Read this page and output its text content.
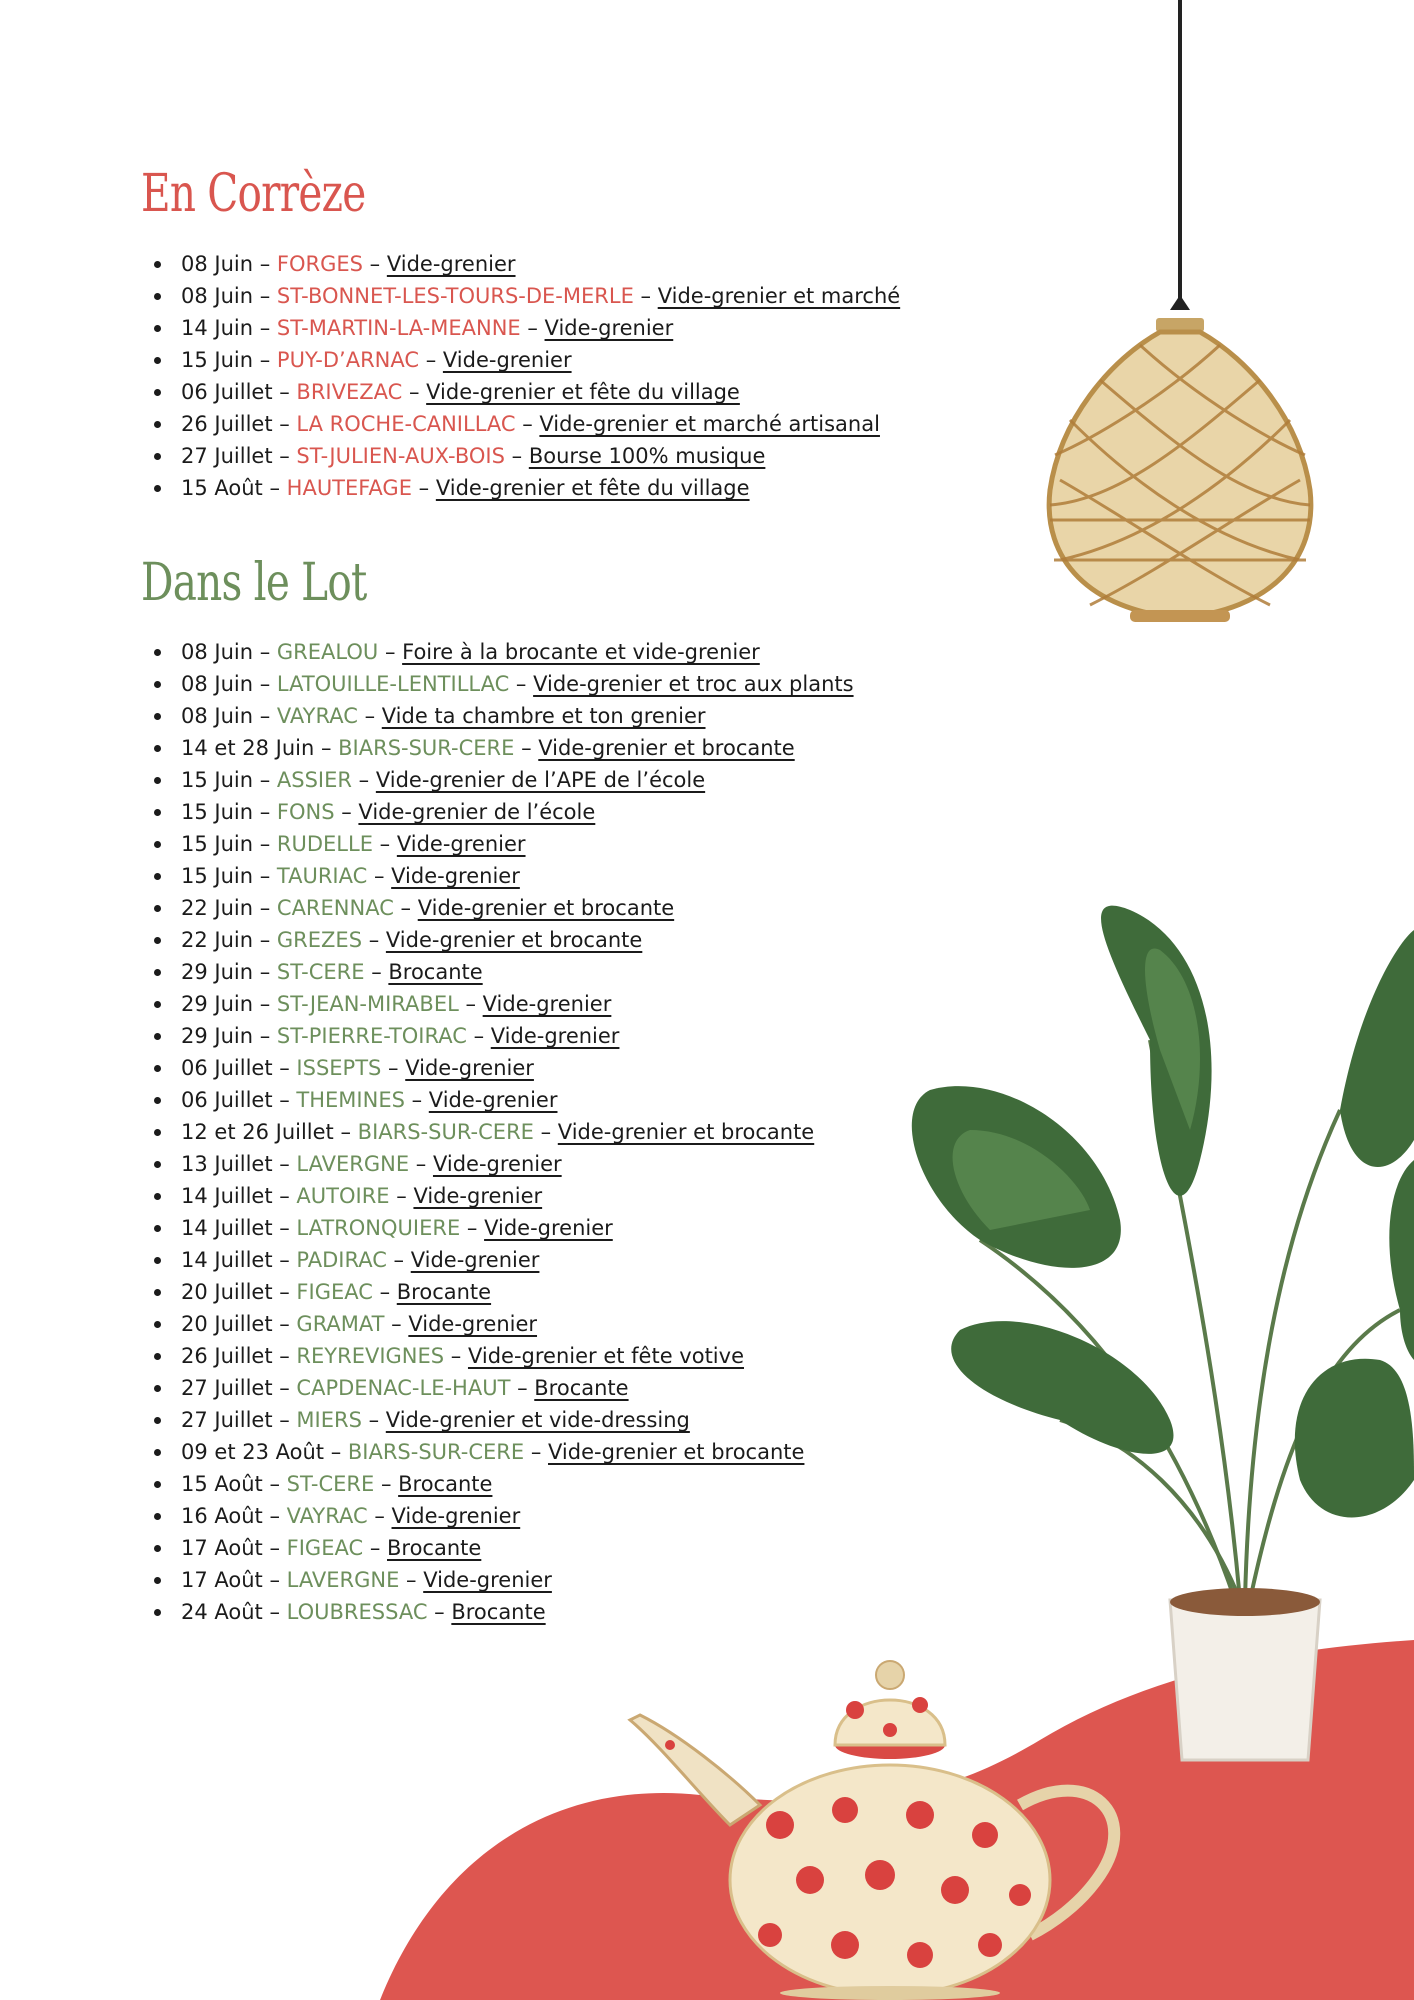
En Corrèze
08 Juin – FORGES – Vide-grenier
08 Juin – ST-BONNET-LES-TOURS-DE-MERLE – Vide-grenier et marché
14 Juin – ST-MARTIN-LA-MEANNE – Vide-grenier
15 Juin – PUY-D’ARNAC – Vide-grenier
06 Juillet – BRIVEZAC – Vide-grenier et fête du village
26 Juillet – LA ROCHE-CANILLAC – Vide-grenier et marché artisanal
27 Juillet – ST-JULIEN-AUX-BOIS – Bourse 100% musique
15 Août – HAUTEFAGE – Vide-grenier et fête du village
Dans le Lot
08 Juin – GREALOU – Foire à la brocante et vide-grenier
08 Juin – LATOUILLE-LENTILLAC – Vide-grenier et troc aux plants
08 Juin – VAYRAC – Vide ta chambre et ton grenier
14 et 28 Juin – BIARS-SUR-CERE – Vide-grenier et brocante
15 Juin – ASSIER – Vide-grenier de l’APE de l’école
15 Juin – FONS – Vide-grenier de l’école
15 Juin – RUDELLE – Vide-grenier
15 Juin – TAURIAC – Vide-grenier
22 Juin – CARENNAC – Vide-grenier et brocante
22 Juin – GREZES – Vide-grenier et brocante
29 Juin – ST-CERE – Brocante
29 Juin – ST-JEAN-MIRABEL – Vide-grenier
29 Juin – ST-PIERRE-TOIRAC – Vide-grenier
06 Juillet – ISSEPTS – Vide-grenier
06 Juillet – THEMINES – Vide-grenier
12 et 26 Juillet – BIARS-SUR-CERE – Vide-grenier et brocante
13 Juillet – LAVERGNE – Vide-grenier
14 Juillet – AUTOIRE – Vide-grenier
14 Juillet – LATRONQUIERE – Vide-grenier
14 Juillet – PADIRAC – Vide-grenier
20 Juillet – FIGEAC – Brocante
20 Juillet – GRAMAT – Vide-grenier
26 Juillet – REYREVIGNES – Vide-grenier et fête votive
27 Juillet – CAPDENAC-LE-HAUT – Brocante
27 Juillet – MIERS – Vide-grenier et vide-dressing
09 et 23 Août – BIARS-SUR-CERE – Vide-grenier et brocante
15 Août – ST-CERE – Brocante
16 Août – VAYRAC – Vide-grenier
17 Août – FIGEAC – Brocante
17 Août – LAVERGNE – Vide-grenier
24 Août – LOUBRESSAC – Brocante
